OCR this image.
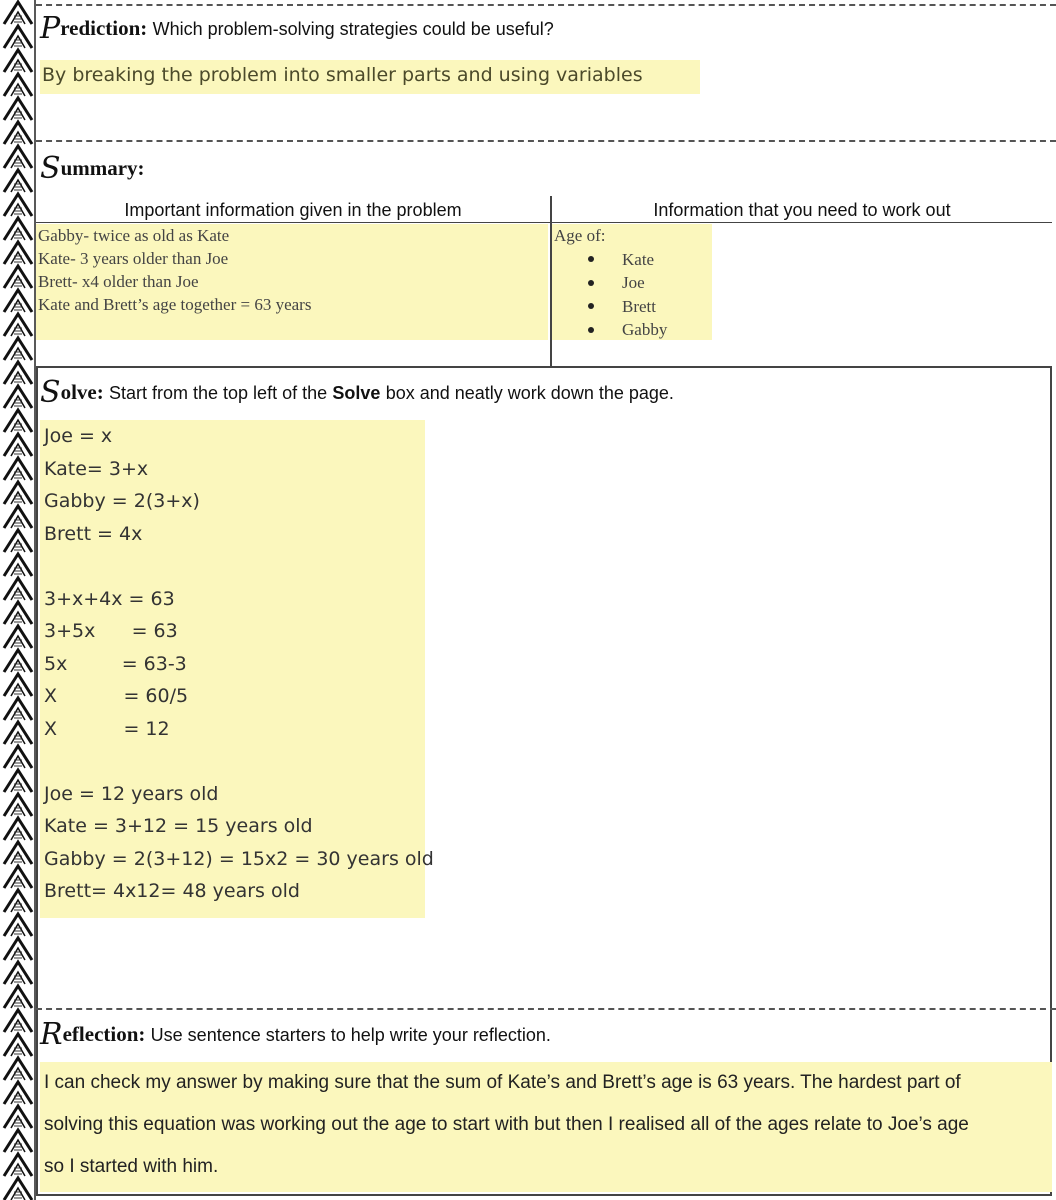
Prediction: Which problem-solving strategies could be useful?
By breaking the problem into smaller parts and using variables
Summary:
Important information given in the problem	Information that you need to work out
Gabby- twice as old as Kate
Kate- 3 years older than Joe
Brett- x4 older than Joe
Kate and Brett’s age together = 63 years
Age of:
Kate
Joe
Brett
Gabby
Solve: Start from the top left of the Solve box and neatly work down the page.
Joe = x
Kate= 3+x
Gabby = 2(3+x)
Brett = 4x
3+x+4x = 63
3+5x      = 63
5x         = 63-3
X           = 60/5
X           = 12
Joe = 12 years old
Kate = 3+12 = 15 years old
Gabby = 2(3+12) = 15x2 = 30 years old
Brett= 4x12= 48 years old
Reflection: Use sentence starters to help write your reflection.
I can check my answer by making sure that the sum of Kate’s and Brett’s age is 63 years. The hardest part of
solving this equation was working out the age to start with but then I realised all of the ages relate to Joe’s age
so I started with him.
